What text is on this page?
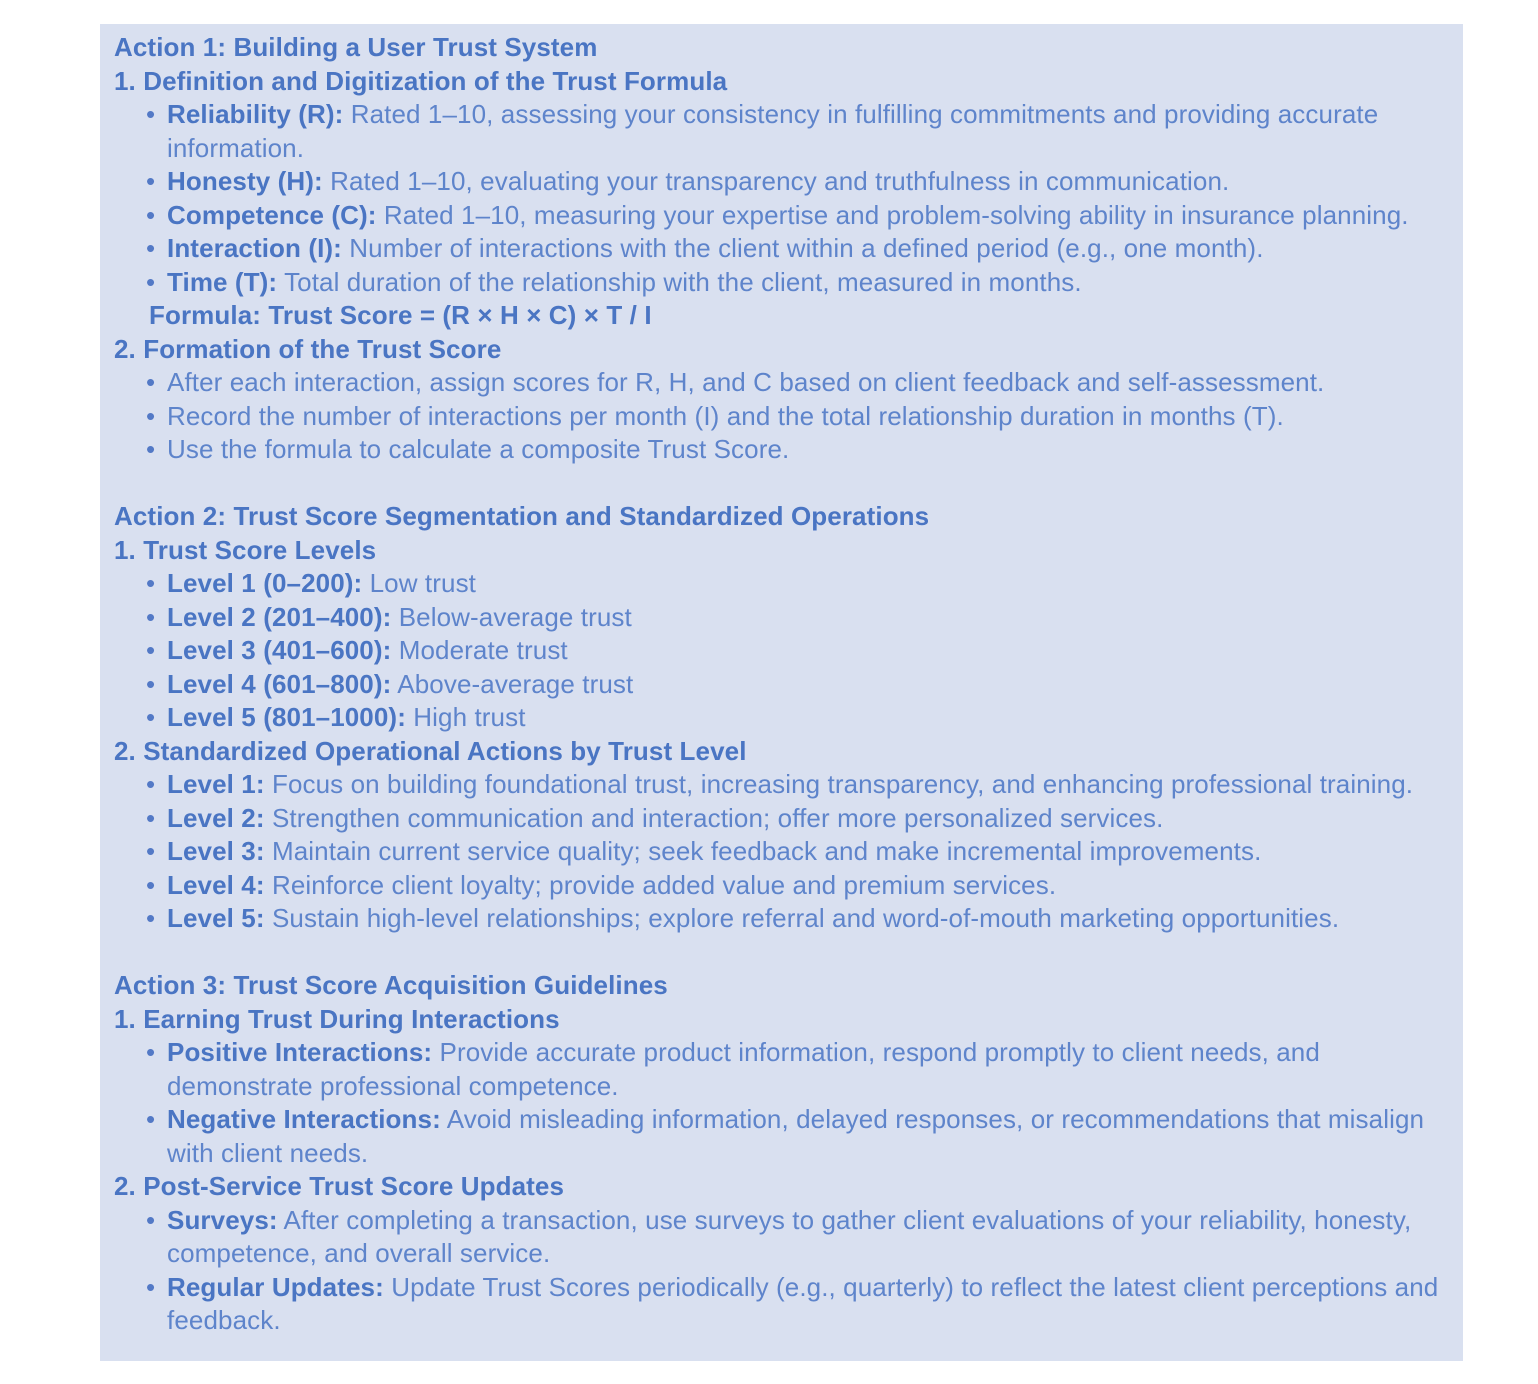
Action 1: Building a User Trust System
1. Definition and Digitization of the Trust Formula
• Reliability (R): Rated 1–10, assessing your consistency in fulfilling commitments and providing accurate information.
• Honesty (H): Rated 1–10, evaluating your transparency and truthfulness in communication.
• Competence (C): Rated 1–10, measuring your expertise and problem-solving ability in insurance planning.
• Interaction (I): Number of interactions with the client within a defined period (e.g., one month).
• Time (T): Total duration of the relationship with the client, measured in months.
Formula: Trust Score = (R × H × C) × T / I
2. Formation of the Trust Score
• After each interaction, assign scores for R, H, and C based on client feedback and self-assessment.
• Record the number of interactions per month (I) and the total relationship duration in months (T).
• Use the formula to calculate a composite Trust Score.
Action 2: Trust Score Segmentation and Standardized Operations
1. Trust Score Levels
• Level 1 (0–200): Low trust
• Level 2 (201–400): Below-average trust
• Level 3 (401–600): Moderate trust
• Level 4 (601–800): Above-average trust
• Level 5 (801–1000): High trust
2. Standardized Operational Actions by Trust Level
• Level 1: Focus on building foundational trust, increasing transparency, and enhancing professional training.
• Level 2: Strengthen communication and interaction; offer more personalized services.
• Level 3: Maintain current service quality; seek feedback and make incremental improvements.
• Level 4: Reinforce client loyalty; provide added value and premium services.
• Level 5: Sustain high-level relationships; explore referral and word-of-mouth marketing opportunities.
Action 3: Trust Score Acquisition Guidelines
1. Earning Trust During Interactions
• Positive Interactions: Provide accurate product information, respond promptly to client needs, and demonstrate professional competence.
• Negative Interactions: Avoid misleading information, delayed responses, or recommendations that misalign with client needs.
2. Post-Service Trust Score Updates
• Surveys: After completing a transaction, use surveys to gather client evaluations of your reliability, honesty, competence, and overall service.
• Regular Updates: Update Trust Scores periodically (e.g., quarterly) to reflect the latest client perceptions and feedback.
